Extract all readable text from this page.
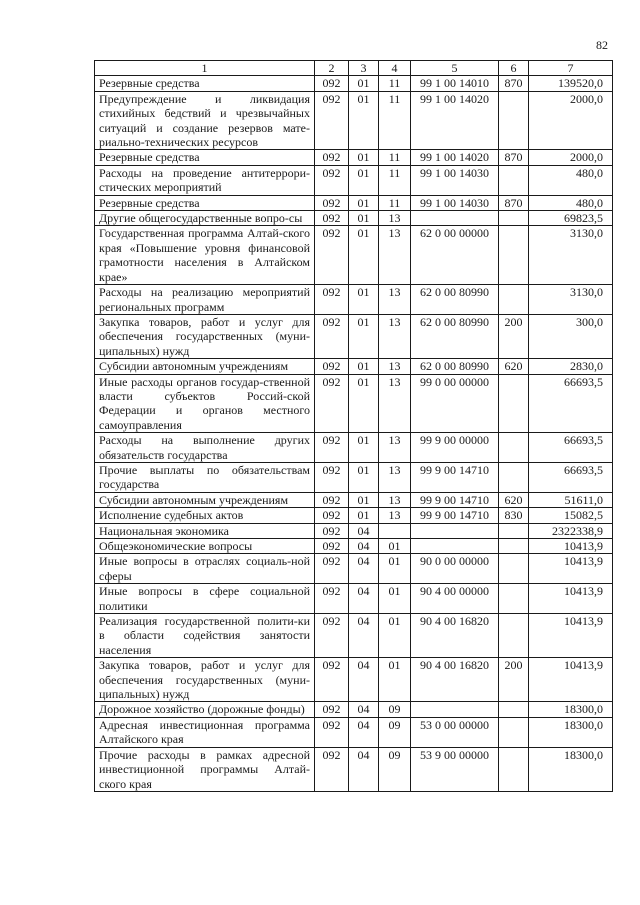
82
1	2	3	4	5	6	7
Резервные средства	092	01	11	99 1 00 14010	870	139520,0
Предупреждение и ликвидация стихийных бедствий и чрезвычайных ситуаций и создание резервов мате-риально-технических ресурсов	092	01	11	99 1 00 14020		2000,0
Резервные средства	092	01	11	99 1 00 14020	870	2000,0
Расходы на проведение антитеррори-стических мероприятий	092	01	11	99 1 00 14030		480,0
Резервные средства	092	01	11	99 1 00 14030	870	480,0
Другие общегосударственные вопро-сы	092	01	13			69823,5
Государственная программа Алтай-ского края «Повышение уровня финансовой грамотности населения в Алтайском крае»	092	01	13	62 0 00 00000		3130,0
Расходы на реализацию мероприятий региональных программ	092	01	13	62 0 00 80990		3130,0
Закупка товаров, работ и услуг для обеспечения государственных (муни-ципальных) нужд	092	01	13	62 0 00 80990	200	300,0
Субсидии автономным учреждениям	092	01	13	62 0 00 80990	620	2830,0
Иные расходы органов государ-ственной власти субъектов Россий-ской Федерации и органов местного самоуправления	092	01	13	99 0 00 00000		66693,5
Расходы на выполнение других обязательств государства	092	01	13	99 9 00 00000		66693,5
Прочие выплаты по обязательствам государства	092	01	13	99 9 00 14710		66693,5
Субсидии автономным учреждениям	092	01	13	99 9 00 14710	620	51611,0
Исполнение судебных актов	092	01	13	99 9 00 14710	830	15082,5
Национальная экономика	092	04				2322338,9
Общеэкономические вопросы	092	04	01			10413,9
Иные вопросы в отраслях социаль-ной сферы	092	04	01	90 0 00 00000		10413,9
Иные вопросы в сфере социальной политики	092	04	01	90 4 00 00000		10413,9
Реализация государственной полити-ки в области содействия занятости населения	092	04	01	90 4 00 16820		10413,9
Закупка товаров, работ и услуг для обеспечения государственных (муни-ципальных) нужд	092	04	01	90 4 00 16820	200	10413,9
Дорожное хозяйство (дорожные фонды)	092	04	09			18300,0
Адресная инвестиционная программа Алтайского края	092	04	09	53 0 00 00000		18300,0
Прочие расходы в рамках адресной инвестиционной программы Алтай-ского края	092	04	09	53 9 00 00000		18300,0
